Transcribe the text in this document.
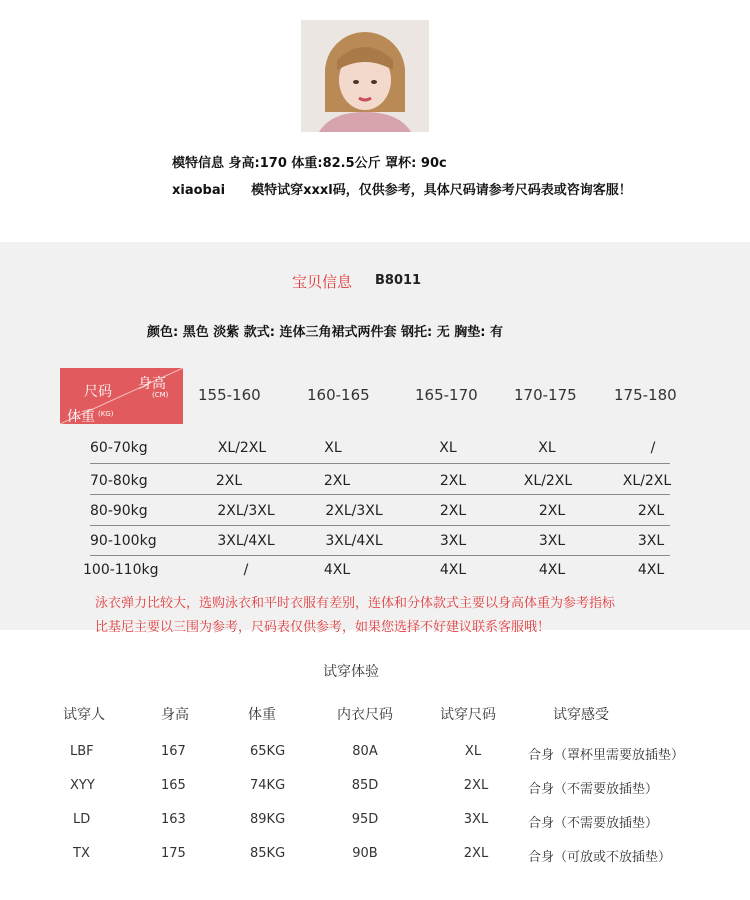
模特信息 身高:170 体重:82.5公斤 罩杯: 90c
xiaobai 模特试穿xxxl码，仅供参考，具体尺码请参考尺码表或咨询客服！
宝贝信息 B8011
颜色: 黑色 淡紫 款式: 连体三角裙式两件套 钢托: 无 胸垫: 有
尺码 身高
(CM)
体重 (KG)
155-160	160-165	165-170 170-175 175-180
60-70kg	XL/2XL	XL	XL	XL	/
70-80kg	2XL	2XL	2XL	XL/2XL	XL/2XL
80-90kg	2XL/3XL	2XL/3XL	2XL	2XL	2XL
90-100kg	3XL/4XL	3XL/4XL	3XL	3XL	3XL
100-110kg	/	4XL	4XL	4XL	4XL
泳衣弹力比较大，选购泳衣和平时衣服有差别，连体和分体款式主要以身高体重为参考指标
比基尼主要以三围为参考，尺码表仅供参考，如果您选择不好建议联系客服哦！
试穿体验
试穿人	身高	体重	内衣尺码	试穿尺码	试穿感受
LBF	167	65KG	80A	XL	合身（罩杯里需要放插垫）
XYY	165	74KG	85D	2XL	合身（不需要放插垫）
LD	163	89KG	95D	3XL	合身（不需要放插垫）
TX	175	85KG	90B	2XL	合身（可放或不放插垫）
